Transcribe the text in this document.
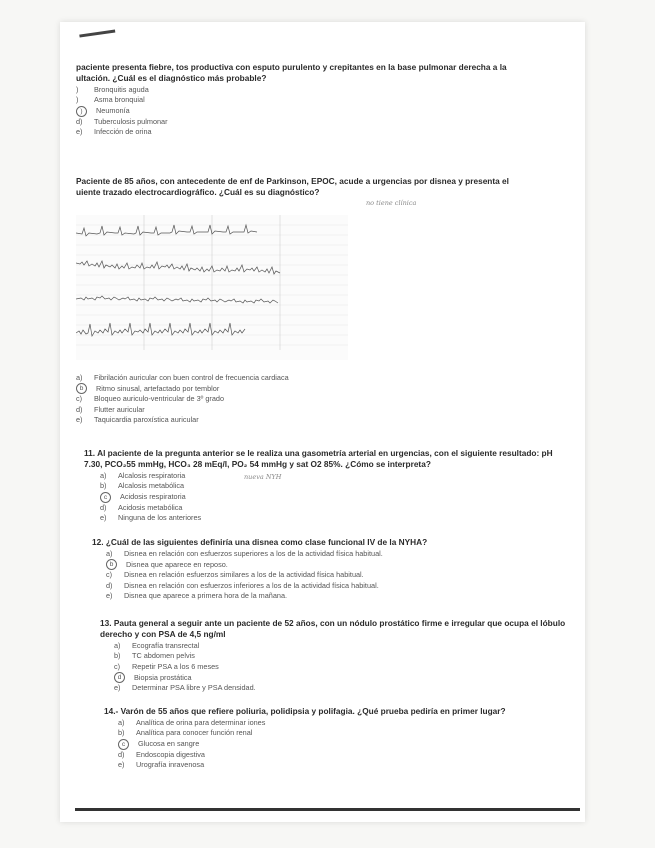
paciente presenta fiebre, tos productiva con esputo purulento y crepitantes en la base pulmonar derecha a la
ultación. ¿Cuál es el diagnóstico más probable?

)	Bronquitis aguda
)	Asma bronquial
)	Neumonía
d)	Tuberculosis pulmonar
e)	Infección de orina

Paciente de 85 años, con antecedente de enf de Parkinson, EPOC, acude a urgencias por disnea y presenta el
uiente trazado electrocardiográfico. ¿Cuál es su diagnóstico?

no tiene clínica
a)	Fibrilación auricular con buen control de frecuencia cardiaca
b	Ritmo sinusal, artefactado por temblor
c)	Bloqueo auriculo-ventricular de 3º grado
d)	Flutter auricular
e)	Taquicardia paroxística auricular

11. Al paciente de la pregunta anterior se le realiza una gasometría arterial en urgencias, con el siguiente resultado: pH
7.30, PCO₂55 mmHg, HCO₃ 28 mEq/l, PO₂ 54 mmHg y sat O2 85%. ¿Cómo se interpreta?

a)	Alcalosis respiratoria
b)	Alcalosis metabólica
c	Acidosis respiratoria
d)	Acidosis metabólica
e)	Ninguna de los anteriores
nueva NYH

12. ¿Cuál de las siguientes definiría una disnea como clase funcional IV de la NYHA?

a)	Disnea en relación con esfuerzos superiores a los de la actividad física habitual.
b	Disnea que aparece en reposo.
c)	Disnea en relación esfuerzos similares a los de la actividad física habitual.
d)	Disnea en relación con esfuerzos inferiores a los de la actividad física habitual.
e)	Disnea que aparece a primera hora de la mañana.

13. Pauta general a seguir ante un paciente de 52 años, con un nódulo prostático firme e irregular que ocupa el lóbulo
derecho y con PSA de 4,5 ng/ml

a)	Ecografía transrectal
b)	TC abdomen pelvis
c)	Repetir PSA a los 6 meses
d	Biopsia prostática
e)	Determinar PSA libre y PSA densidad.

14.- Varón de 55 años que refiere poliuria, polidipsia y polifagia. ¿Qué prueba pediría en primer lugar?

a)	Analítica de orina para determinar iones
b)	Analítica para conocer función renal
c	Glucosa en sangre
d)	Endoscopia digestiva
e)	Urografía inravenosa
